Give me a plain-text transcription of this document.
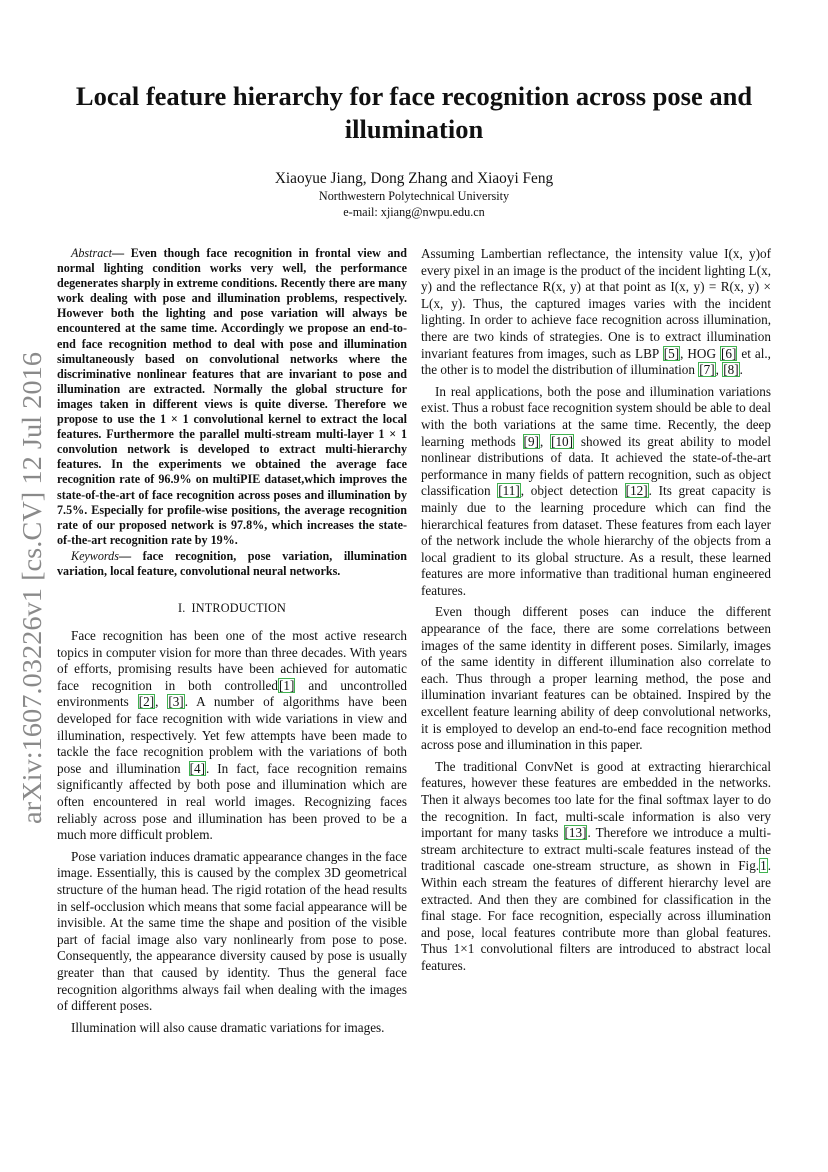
arXiv:1607.03226v1 [cs.CV] 12 Jul 2016
Local feature hierarchy for face recognition across pose and illumination
Xiaoyue Jiang, Dong Zhang and Xiaoyi Feng
Northwestern Polytechnical University
e-mail: xjiang@nwpu.edu.cn

Abstract— Even though face recognition in frontal view and normal lighting condition works very well, the performance degenerates sharply in extreme conditions. Recently there are many work dealing with pose and illumination problems, respectively. However both the lighting and pose variation will always be encountered at the same time. Accordingly we propose an end-to-end face recognition method to deal with pose and illumination simultaneously based on convolutional networks where the discriminative nonlinear features that are invariant to pose and illumination are extracted. Normally the global structure for images taken in different views is quite diverse. Therefore we propose to use the 1 × 1 convolutional kernel to extract the local features. Furthermore the parallel multi-stream multi-layer 1 × 1 convolution network is developed to extract multi-hierarchy features. In the experiments we obtained the average face recognition rate of 96.9% on multiPIE dataset,which improves the state-of-the-art of face recognition across poses and illumination by 7.5%. Especially for profile-wise positions, the average recognition rate of our proposed network is 97.8%, which increases the state-of-the-art recognition rate by 19%.

Keywords— face recognition, pose variation, illumination variation, local feature, convolutional neural networks.

I. INTRODUCTION

Face recognition has been one of the most active research topics in computer vision for more than three decades. With years of efforts, promising results have been achieved for automatic face recognition in both controlled[1] and uncontrolled environments [2], [3]. A number of algorithms have been developed for face recognition with wide variations in view and illumination, respectively. Yet few attempts have been made to tackle the face recognition problem with the variations of both pose and illumination [4]. In fact, face recognition remains significantly affected by both pose and illumination which are often encountered in real world images. Recognizing faces reliably across pose and illumination has been proved to be a much more difficult problem.

Pose variation induces dramatic appearance changes in the face image. Essentially, this is caused by the complex 3D geometrical structure of the human head. The rigid rotation of the head results in self-occlusion which means that some facial appearance will be invisible. At the same time the shape and position of the visible part of facial image also vary nonlinearly from pose to pose. Consequently, the appearance diversity caused by pose is usually greater than that caused by identity. Thus the general face recognition algorithms always fail when dealing with the images of different poses.

Illumination will also cause dramatic variations for images.

Assuming Lambertian reflectance, the intensity value I(x, y)of every pixel in an image is the product of the incident lighting L(x, y) and the reflectance R(x, y) at that point as I(x, y) = R(x, y) × L(x, y). Thus, the captured images varies with the incident lighting. In order to achieve face recognition across illumination, there are two kinds of strategies. One is to extract illumination invariant features from images, such as LBP [5], HOG [6] et al., the other is to model the distribution of illumination [7], [8].

In real applications, both the pose and illumination variations exist. Thus a robust face recognition system should be able to deal with the both variations at the same time. Recently, the deep learning methods [9], [10] showed its great ability to model nonlinear distributions of data. It achieved the state-of-the-art performance in many fields of pattern recognition, such as object classification [11], object detection [12]. Its great capacity is mainly due to the learning procedure which can find the hierarchical features from dataset. These features from each layer of the network include the whole hierarchy of the objects from a local gradient to its global structure. As a result, these learned features are more informative than traditional human engineered features.

Even though different poses can induce the different appearance of the face, there are some correlations between images of the same identity in different poses. Similarly, images of the same identity in different illumination also correlate to each. Thus through a proper learning method, the pose and illumination invariant features can be obtained. Inspired by the excellent feature learning ability of deep convolutional networks, it is employed to develop an end-to-end face recognition method across pose and illumination in this paper.

The traditional ConvNet is good at extracting hierarchical features, however these features are embedded in the networks. Then it always becomes too late for the final softmax layer to do the recognition. In fact, multi-scale information is also very important for many tasks [13]. Therefore we introduce a multi-stream architecture to extract multi-scale features instead of the traditional cascade one-stream structure, as shown in Fig.1. Within each stream the features of different hierarchy level are extracted. And then they are combined for classification in the final stage. For face recognition, especially across illumination and pose, local features contribute more than global features. Thus 1×1 convolutional filters are introduced to abstract local features.
